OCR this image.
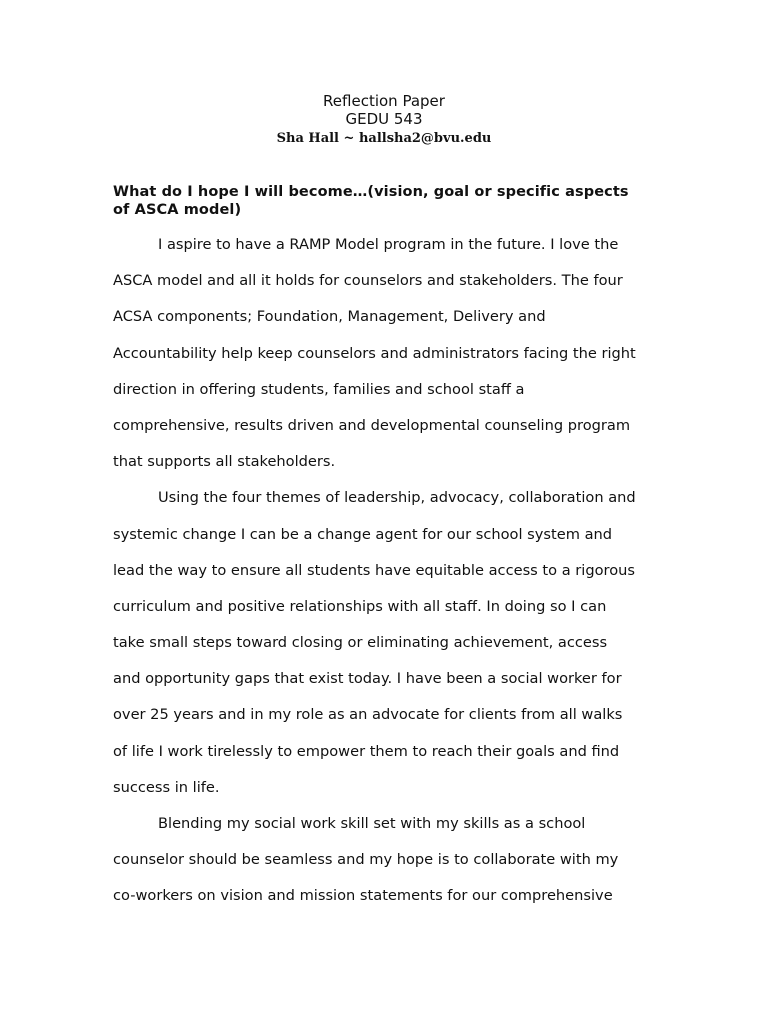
Reflection Paper
GEDU 543
Sha Hall ~ hallsha2@bvu.edu
What do I hope I will become…(vision, goal or specific aspects
of ASCA model)
I aspire to have a RAMP Model program in the future. I love the
ASCA model and all it holds for counselors and stakeholders. The four
ACSA components; Foundation, Management, Delivery and
Accountability help keep counselors and administrators facing the right
direction in offering students, families and school staff a
comprehensive, results driven and developmental counseling program
that supports all stakeholders.
Using the four themes of leadership, advocacy, collaboration and
systemic change I can be a change agent for our school system and
lead the way to ensure all students have equitable access to a rigorous
curriculum and positive relationships with all staff. In doing so I can
take small steps toward closing or eliminating achievement, access
and opportunity gaps that exist today. I have been a social worker for
over 25 years and in my role as an advocate for clients from all walks
of life I work tirelessly to empower them to reach their goals and find
success in life.
Blending my social work skill set with my skills as a school
counselor should be seamless and my hope is to collaborate with my
co-workers on vision and mission statements for our comprehensive
